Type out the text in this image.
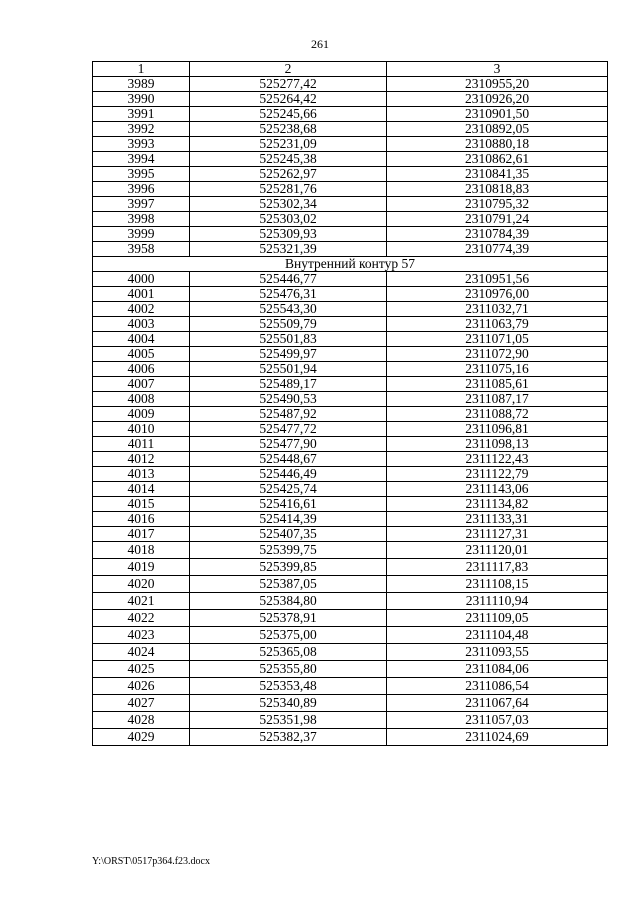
261
1	2	3
3989	525277,42	2310955,20
3990	525264,42	2310926,20
3991	525245,66	2310901,50
3992	525238,68	2310892,05
3993	525231,09	2310880,18
3994	525245,38	2310862,61
3995	525262,97	2310841,35
3996	525281,76	2310818,83
3997	525302,34	2310795,32
3998	525303,02	2310791,24
3999	525309,93	2310784,39
3958	525321,39	2310774,39
Внутренний контур 57		
4000	525446,77	2310951,56
4001	525476,31	2310976,00
4002	525543,30	2311032,71
4003	525509,79	2311063,79
4004	525501,83	2311071,05
4005	525499,97	2311072,90
4006	525501,94	2311075,16
4007	525489,17	2311085,61
4008	525490,53	2311087,17
4009	525487,92	2311088,72
4010	525477,72	2311096,81
4011	525477,90	2311098,13
4012	525448,67	2311122,43
4013	525446,49	2311122,79
4014	525425,74	2311143,06
4015	525416,61	2311134,82
4016	525414,39	2311133,31
4017	525407,35	2311127,31
4018	525399,75	2311120,01
4019	525399,85	2311117,83
4020	525387,05	2311108,15
4021	525384,80	2311110,94
4022	525378,91	2311109,05
4023	525375,00	2311104,48
4024	525365,08	2311093,55
4025	525355,80	2311084,06
4026	525353,48	2311086,54
4027	525340,89	2311067,64
4028	525351,98	2311057,03
4029	525382,37	2311024,69
Y:\ORST\0517p364.f23.docx
